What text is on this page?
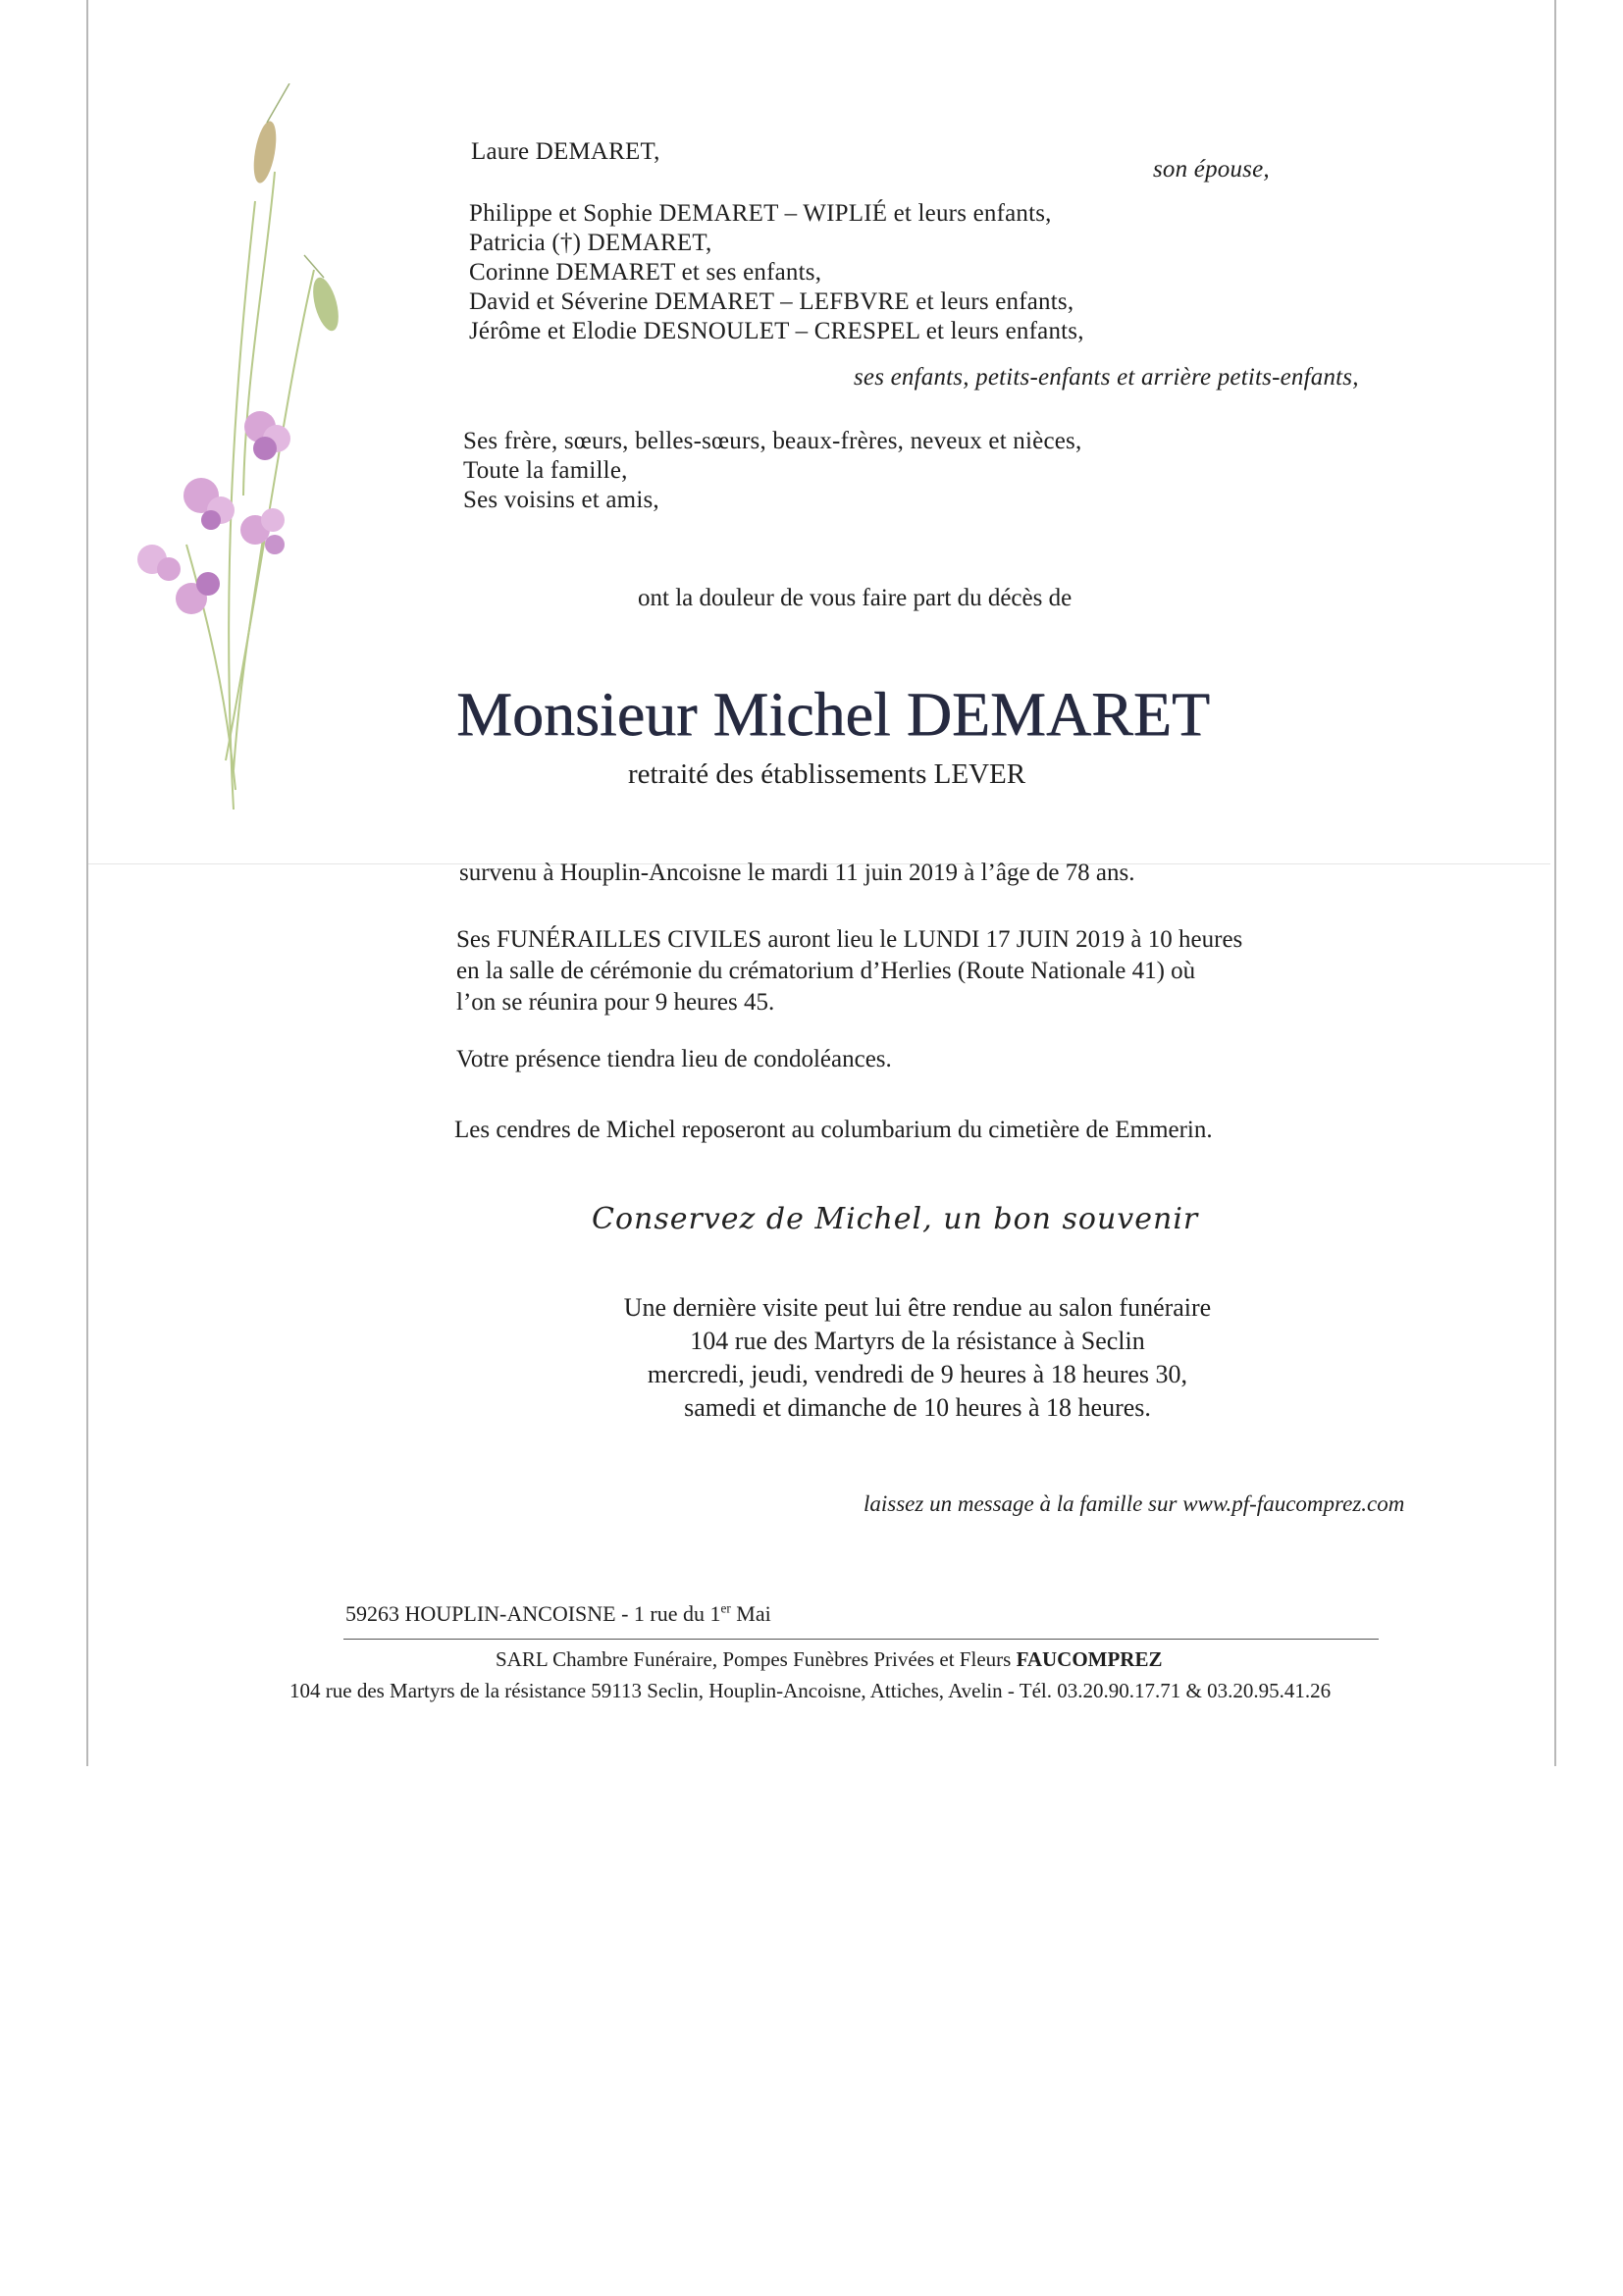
Laure DEMARET,
son épouse,
Philippe et Sophie DEMARET – WIPLIÉ et leurs enfants,
Patricia (†) DEMARET,
Corinne DEMARET et ses enfants,
David et Séverine DEMARET – LEFBVRE et leurs enfants,
Jérôme et Elodie DESNOULET – CRESPEL et leurs enfants,
ses enfants, petits-enfants et arrière petits-enfants,
Ses frère, sœurs, belles-sœurs, beaux-frères, neveux et nièces,
Toute la famille,
Ses voisins et amis,
ont la douleur de vous faire part du décès de
Monsieur Michel DEMARET
retraité des établissements LEVER
survenu à Houplin-Ancoisne le mardi 11 juin 2019 à l’âge de 78 ans.
Ses FUNÉRAILLES CIVILES auront lieu le LUNDI 17 JUIN 2019 à 10 heures
en la salle de cérémonie du crématorium d’Herlies (Route Nationale 41) où
l’on se réunira pour 9 heures 45.
Votre présence tiendra lieu de condoléances.
Les cendres de Michel reposeront au columbarium du cimetière de Emmerin.
Conservez de Michel, un bon souvenir
Une dernière visite peut lui être rendue au salon funéraire
104 rue des Martyrs de la résistance à Seclin
mercredi, jeudi, vendredi de 9 heures à 18 heures 30,
samedi et dimanche de 10 heures à 18 heures.
laissez un message à la famille sur www.pf-faucomprez.com
59263 HOUPLIN-ANCOISNE - 1 rue du 1er Mai
SARL Chambre Funéraire, Pompes Funèbres Privées et Fleurs FAUCOMPREZ
104 rue des Martyrs de la résistance 59113 Seclin, Houplin-Ancoisne, Attiches, Avelin - Tél. 03.20.90.17.71 & 03.20.95.41.26
